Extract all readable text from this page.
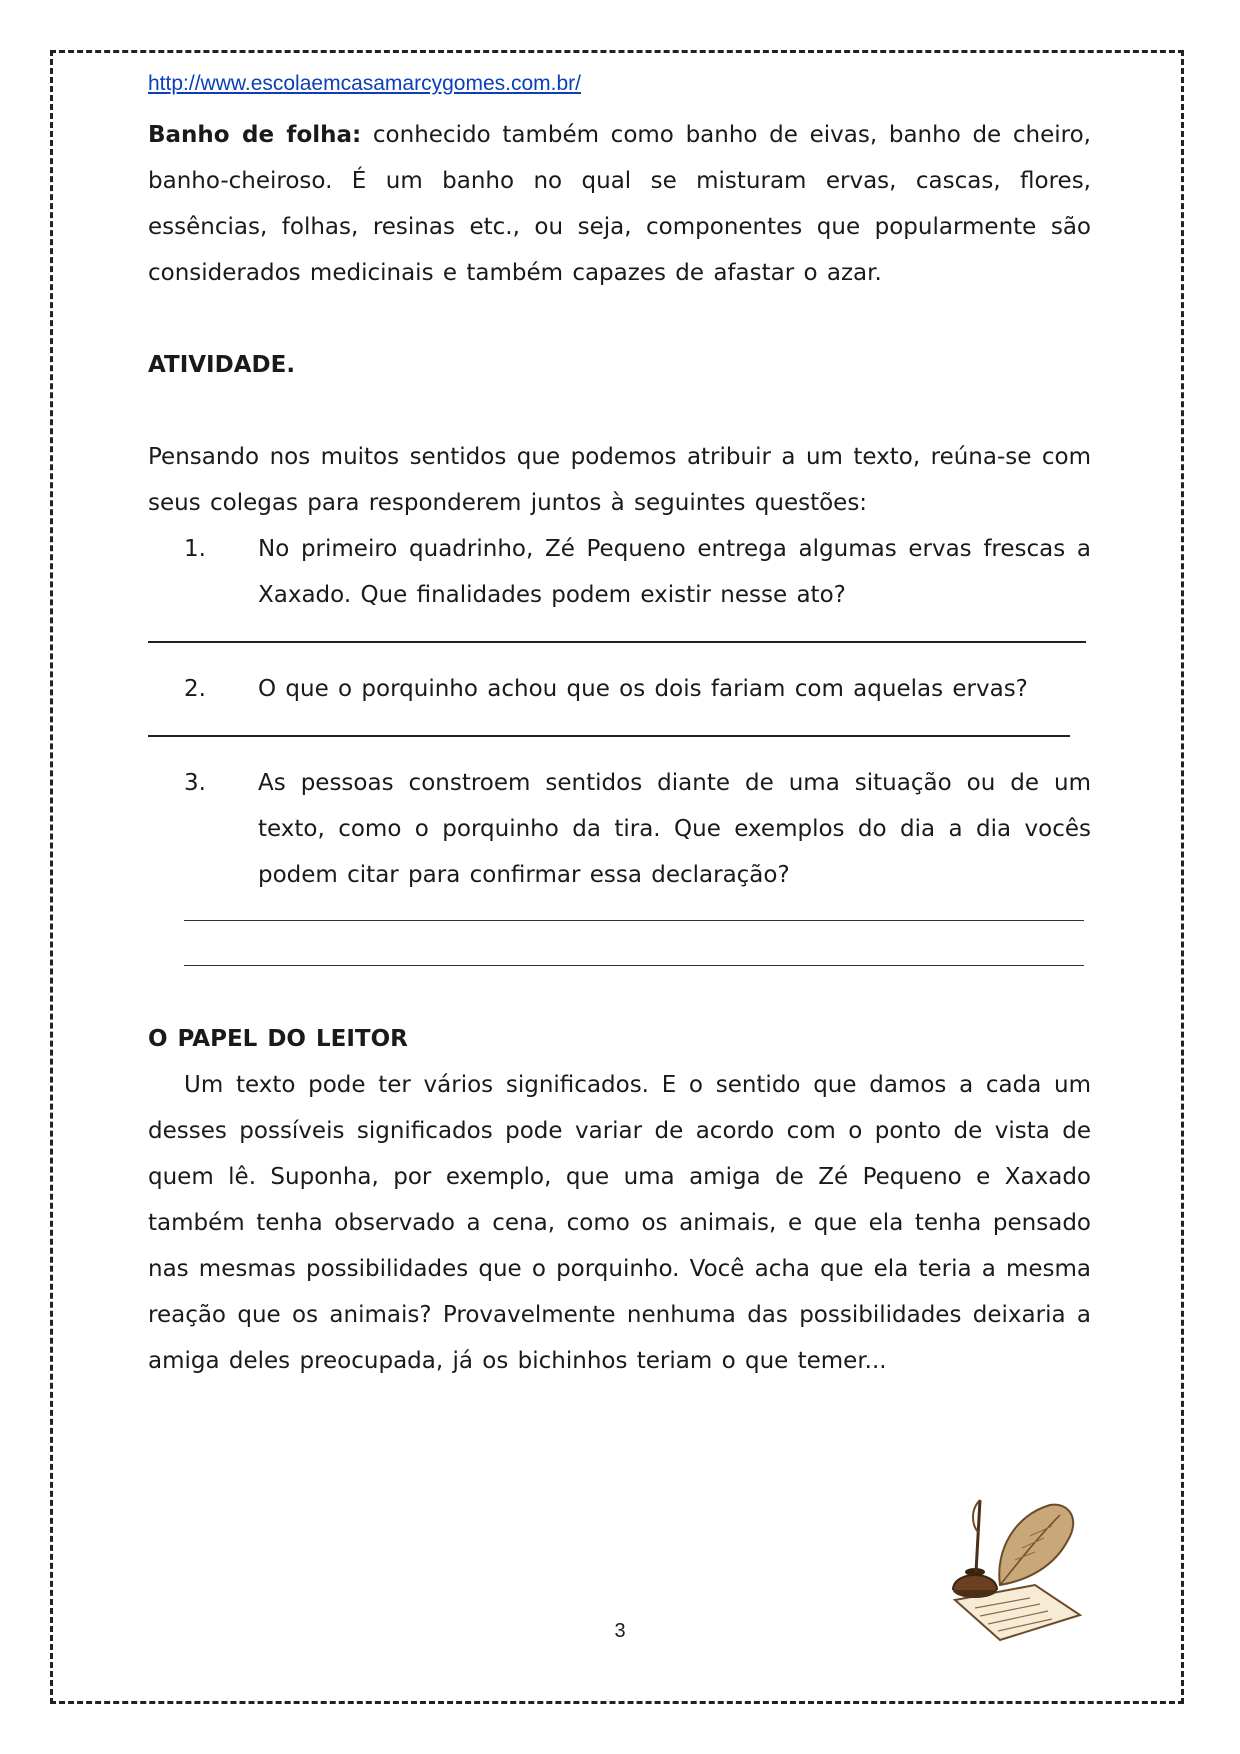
http://www.escolaemcasamarcygomes.com.br/

Banho de folha: conhecido também como banho de eivas, banho de cheiro, banho-cheiroso. É um banho no qual se misturam ervas, cascas, flores, essências, folhas, resinas etc., ou seja, componentes que popularmente são considerados medicinais e também capazes de afastar o azar.

ATIVIDADE.

Pensando nos muitos sentidos que podemos atribuir a um texto, reúna-se com seus colegas para responderem juntos à seguintes questões:

1.	No primeiro quadrinho, Zé Pequeno entrega algumas ervas frescas a Xaxado. Que finalidades podem existir nesse ato?
2.	O que o porquinho achou que os dois fariam com aquelas ervas?
3.	As pessoas constroem sentidos diante de uma situação ou de um texto, como o porquinho da tira. Que exemplos do dia a dia vocês podem citar para confirmar essa declaração?

O PAPEL DO LEITOR

Um texto pode ter vários significados. E o sentido que damos a cada um desses possíveis significados pode variar de acordo com o ponto de vista de quem lê. Suponha, por exemplo, que uma amiga de Zé Pequeno e Xaxado também tenha observado a cena, como os animais, e que ela tenha pensado nas mesmas possibilidades que o porquinho. Você acha que ela teria a mesma reação que os animais? Provavelmente nenhuma das possibilidades deixaria a amiga deles preocupada, já os bichinhos teriam o que temer...

3
